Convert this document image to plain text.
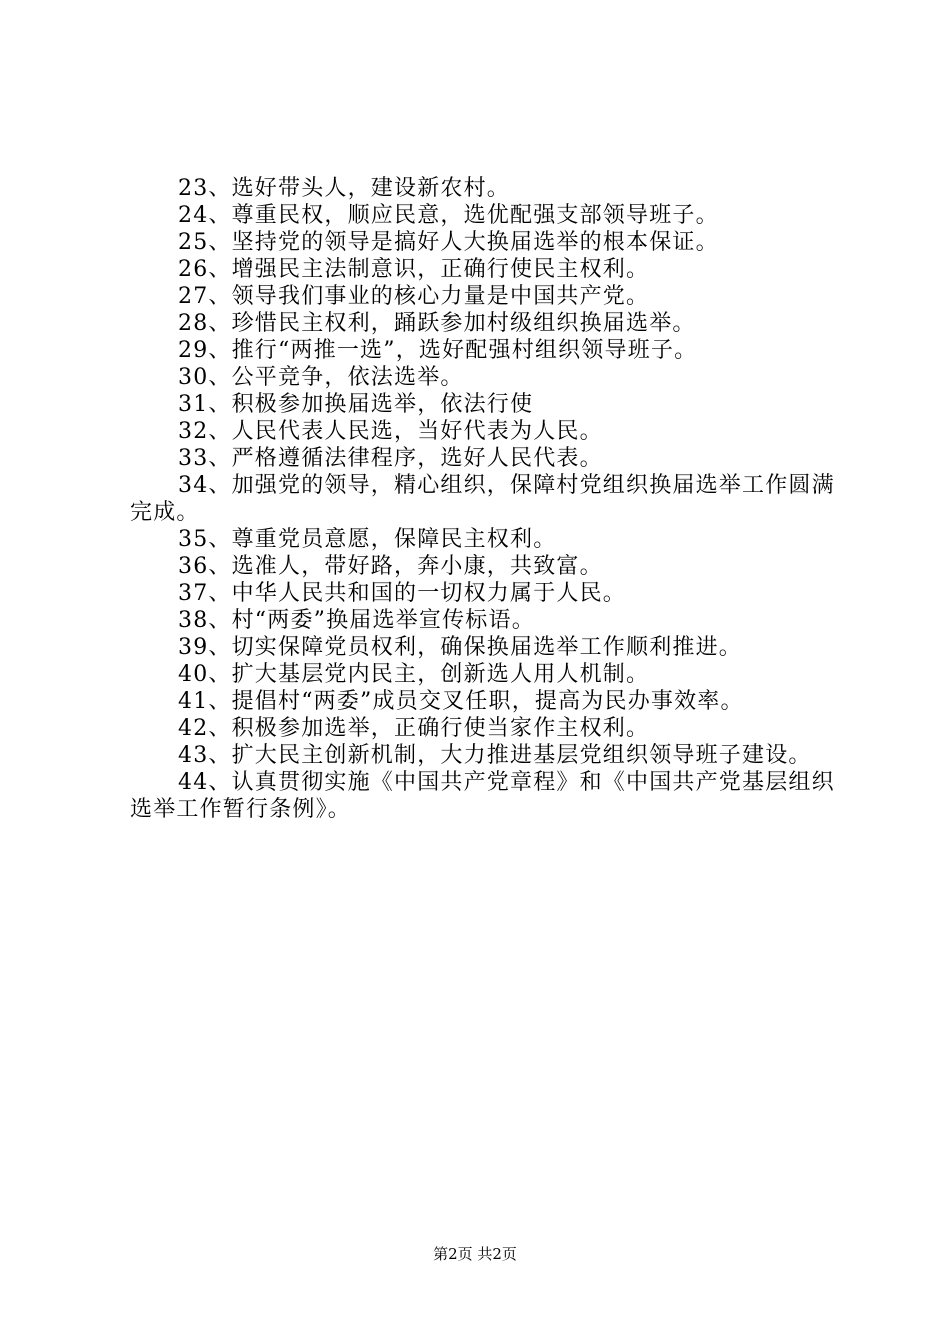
23、选好带头人，建设新农村。

24、尊重民权，顺应民意，选优配强支部领导班子。

25、坚持党的领导是搞好人大换届选举的根本保证。

26、增强民主法制意识，正确行使民主权利。

27、领导我们事业的核心力量是中国共产党。

28、珍惜民主权利，踊跃参加村级组织换届选举。

29、推行“两推一选”，选好配强村组织领导班子。

30、公平竞争，依法选举。

31、积极参加换届选举，依法行使

32、人民代表人民选，当好代表为人民。

33、严格遵循法律程序，选好人民代表。

34、加强党的领导，精心组织，保障村党组织换届选举工作圆满完成。

35、尊重党员意愿，保障民主权利。

36、选准人，带好路，奔小康，共致富。

37、中华人民共和国的一切权力属于人民。

38、村“两委”换届选举宣传标语。

39、切实保障党员权利，确保换届选举工作顺利推进。

40、扩大基层党内民主，创新选人用人机制。

41、提倡村“两委”成员交叉任职，提高为民办事效率。

42、积极参加选举，正确行使当家作主权利。

43、扩大民主创新机制，大力推进基层党组织领导班子建设。

44、认真贯彻实施《中国共产党章程》和《中国共产党基层组织选举工作暂行条例》。

第2页 共2页
